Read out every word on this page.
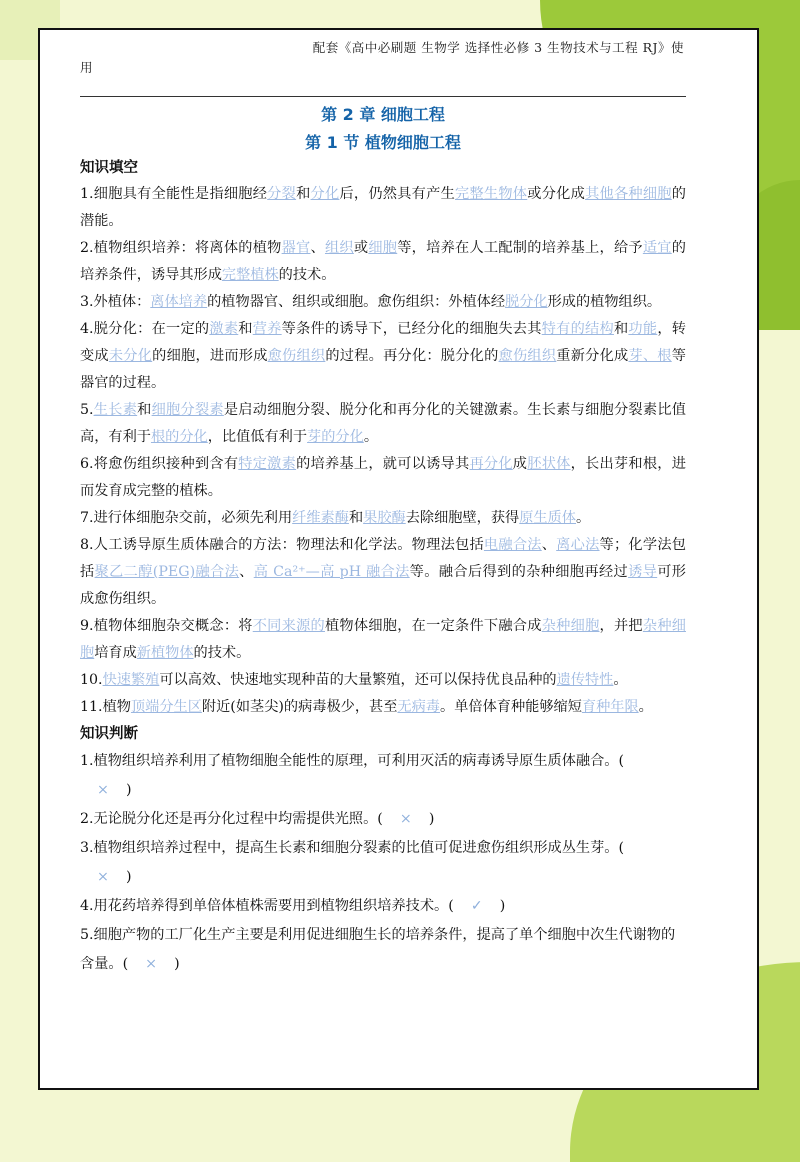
配套《高中必刷题 生物学 选择性必修 3 生物技术与工程 RJ》使
用
第 2 章 细胞工程
第 1 节 植物细胞工程
知识填空
1.细胞具有全能性是指细胞经分裂和分化后，仍然具有产生完整生物体或分化成其他各种细胞的潜能。
2.植物组织培养：将离体的植物器官、组织或细胞等，培养在人工配制的培养基上，给予适宜的培养条件，诱导其形成完整植株的技术。
3.外植体：离体培养的植物器官、组织或细胞。愈伤组织：外植体经脱分化形成的植物组织。
4.脱分化：在一定的激素和营养等条件的诱导下，已经分化的细胞失去其特有的结构和功能，转变成未分化的细胞，进而形成愈伤组织的过程。再分化：脱分化的愈伤组织重新分化成芽、根等器官的过程。
5.生长素和细胞分裂素是启动细胞分裂、脱分化和再分化的关键激素。生长素与细胞分裂素比值高，有利于根的分化，比值低有利于芽的分化。
6.将愈伤组织接种到含有特定激素的培养基上，就可以诱导其再分化成胚状体，长出芽和根，进而发育成完整的植株。
7.进行体细胞杂交前，必须先利用纤维素酶和果胶酶去除细胞壁，获得原生质体。
8.人工诱导原生质体融合的方法：物理法和化学法。物理法包括电融合法、离心法等；化学法包括聚乙二醇(PEG)融合法、高 Ca²⁺—高 pH 融合法等。融合后得到的杂种细胞再经过诱导可形成愈伤组织。
9.植物体细胞杂交概念：将不同来源的植物体细胞，在一定条件下融合成杂种细胞，并把杂种细胞培育成新植物体的技术。
10.快速繁殖可以高效、快速地实现种苗的大量繁殖，还可以保持优良品种的遗传特性。
11.植物顶端分生区附近(如茎尖)的病毒极少，甚至无病毒。单倍体育种能够缩短育种年限。
知识判断
1.植物组织培养利用了植物细胞全能性的原理，可利用灭活的病毒诱导原生质体融合。(
× )
2.无论脱分化还是再分化过程中均需提供光照。( × )
3.植物组织培养过程中，提高生长素和细胞分裂素的比值可促进愈伤组织形成丛生芽。(
× )
4.用花药培养得到单倍体植株需要用到植物组织培养技术。( ✓ )
5.细胞产物的工厂化生产主要是利用促进细胞生长的培养条件，提高了单个细胞中次生代谢物的含量。( × )
